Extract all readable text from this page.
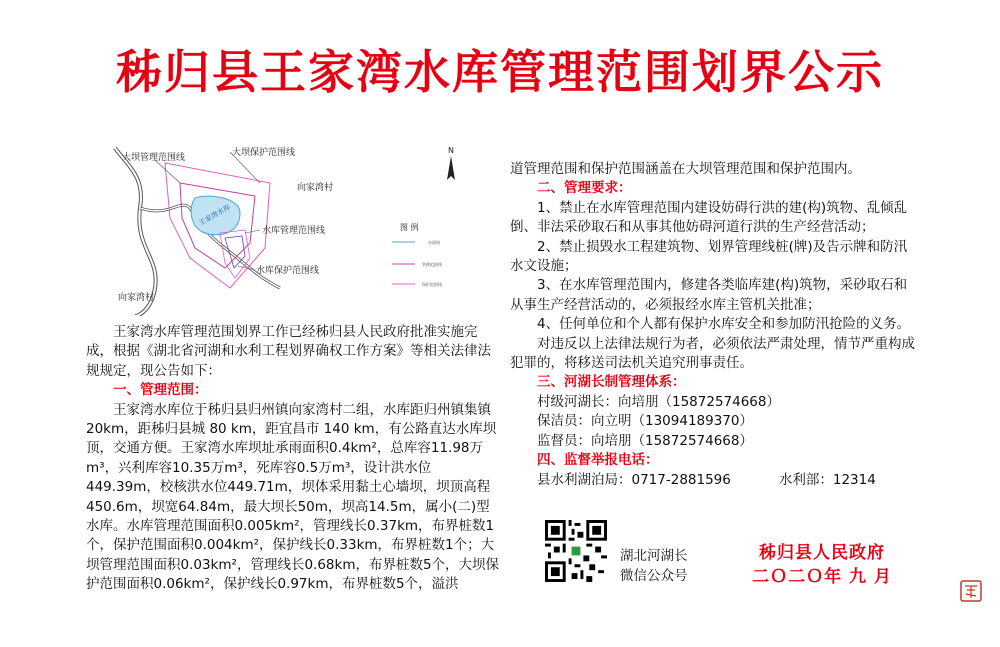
秭归县王家湾水库管理范围划界公示
王家湾水库
大坝管理范围线	大坝保护范围线
向家湾村
水库管理范围线
水库保护范围线
向家湾村
N
图 例
水面线
管理范围线
保护范围线

王家湾水库管理范围划界工作已经秭归县人民政府批准实施完成，根据《湖北省河湖和水利工程划界确权工作方案》等相关法律法规规定，现公告如下：

一、管理范围：

王家湾水库位于秭归县归州镇向家湾村二组，水库距归州镇集镇20km，距秭归县城 80 km，距宜昌市 140 km，有公路直达水库坝顶，交通方便。王家湾水库坝址承雨面积0.4km²，总库容11.98万m³，兴利库容10.35万m³，死库容0.5万m³，设计洪水位449.39m，校核洪水位449.71m，坝体采用黏土心墙坝，坝顶高程450.6m，坝宽64.84m，最大坝长50m，坝高14.5m，属小(二)型水库。水库管理范围面积0.005km²，管理线长0.37km，布界桩数1个，保护范围面积0.004km²，保护线长0.33km，布界桩数1个；大坝管理范围面积0.03km²，管理线长0.68km，布界桩数5个，大坝保护范围面积0.06km²，保护线长0.97km，布界桩数5个，溢洪

道管理范围和保护范围涵盖在大坝管理范围和保护范围内。

二、管理要求：

1、禁止在水库管理范围内建设妨碍行洪的建(构)筑物、乱倾乱倒、非法采砂取石和从事其他妨碍河道行洪的生产经营活动；

2、禁止损毁水工程建筑物、划界管理线桩(牌)及告示牌和防汛水文设施；

3、在水库管理范围内，修建各类临库建(构)筑物，采砂取石和从事生产经营活动的，必须报经水库主管机关批准；

4、任何单位和个人都有保护水库安全和参加防汛抢险的义务。

对违反以上法律法规行为者，必须依法严肃处理，情节严重构成犯罪的，将移送司法机关追究刑事责任。

三、河湖长制管理体系：

村级河湖长：向培朋（15872574668）

保洁员：向立明（13094189370）

监督员：向培朋（15872574668）

四、监督举报电话：

县水利湖泊局：0717-2881596	水利部：12314

湖北河湖长
微信公众号
秭归县人民政府
二Ｏ二Ｏ年 九 月
